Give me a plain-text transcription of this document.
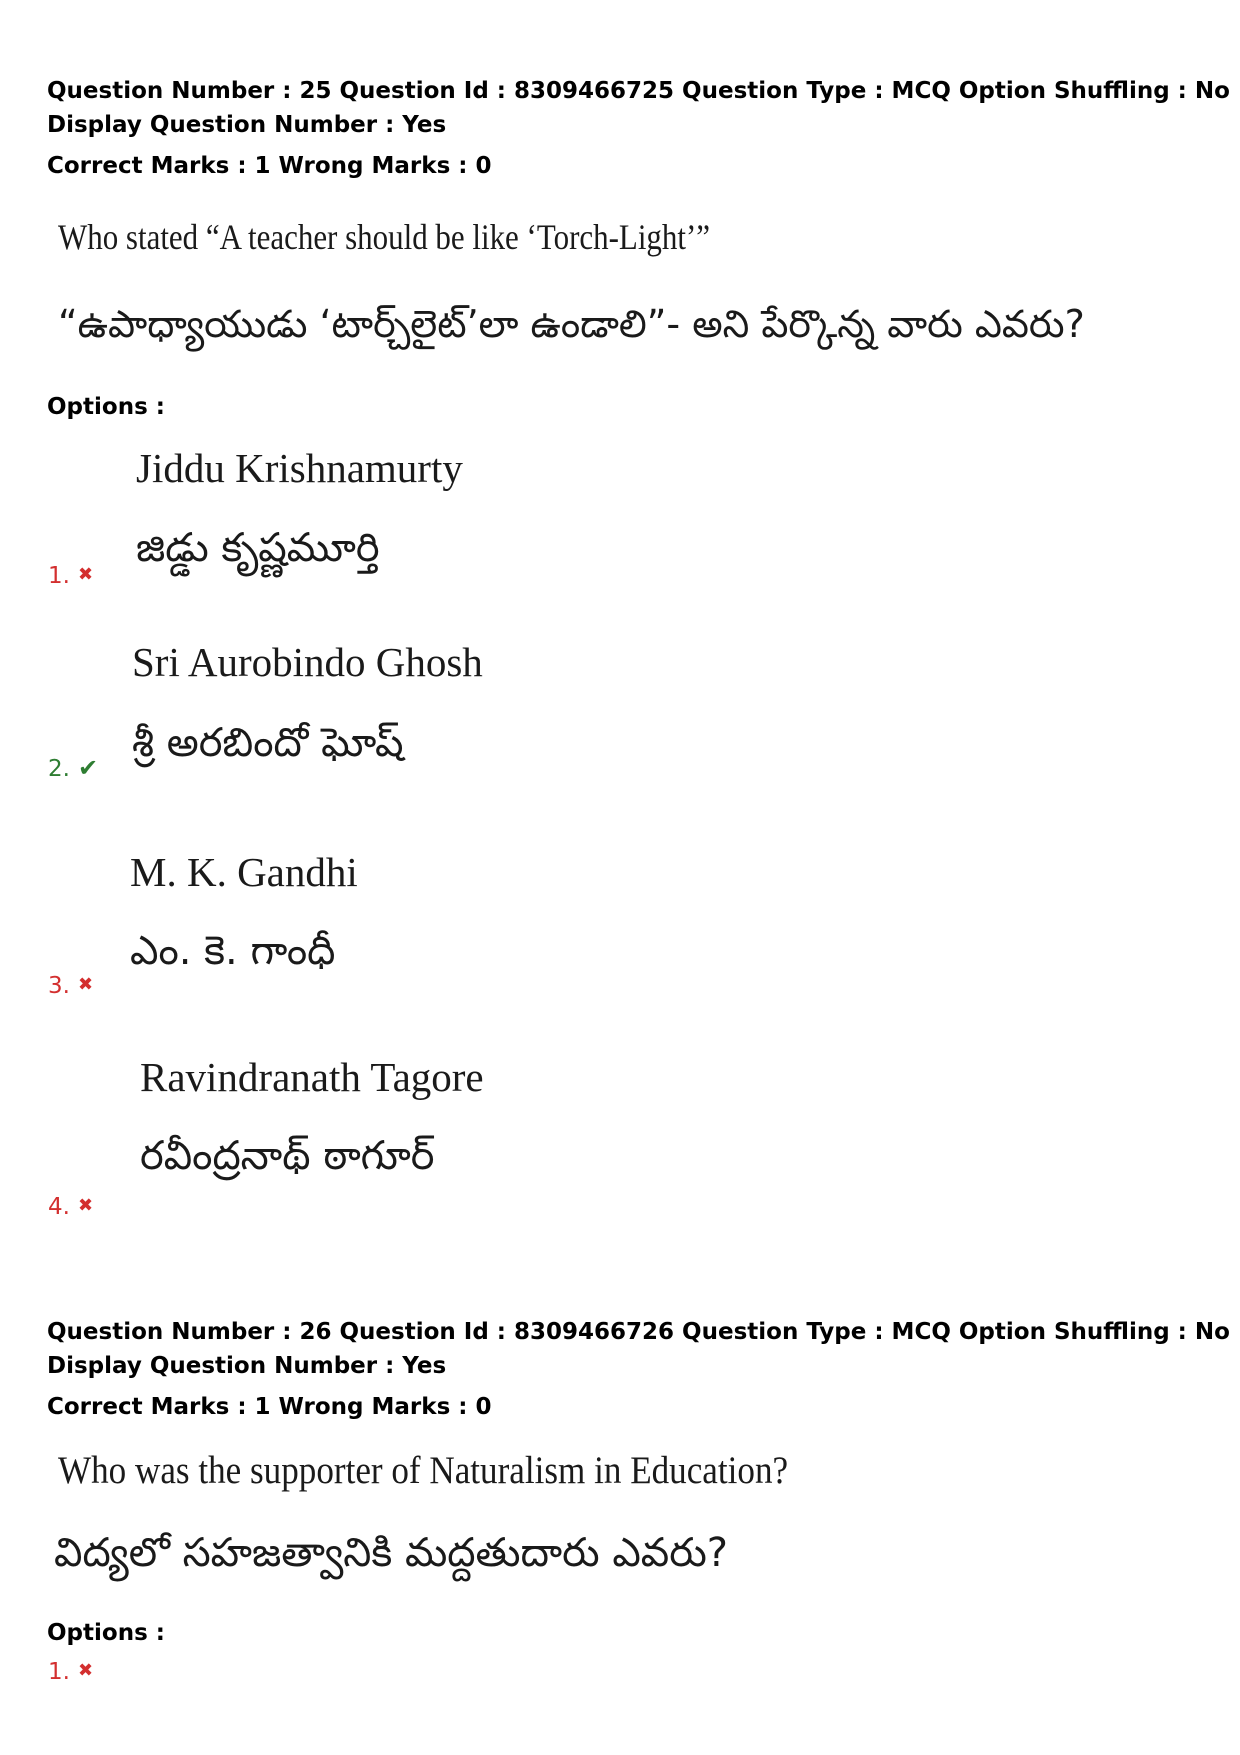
Question Number : 25 Question Id : 8309466725 Question Type : MCQ Option Shuffling : No
Display Question Number : Yes
Correct Marks : 1 Wrong Marks : 0
Who stated “A teacher should be like ‘Torch-Light’”
“ఉపాధ్యాయుడు ‘టార్చ్‌లైట్’లా ఉండాలి”- అని పేర్కొన్న వారు ఎవరు?
Options :
Jiddu Krishnamurty
జిడ్డు కృష్ణమూర్తి
1. ✖
Sri Aurobindo Ghosh
శ్రీ అరబిందో ఘోష్
2. ✔
M. K. Gandhi
ఎం. కె. గాంధీ
3. ✖
Ravindranath Tagore
రవీంద్రనాథ్ ఠాగూర్
4. ✖
Question Number : 26 Question Id : 8309466726 Question Type : MCQ Option Shuffling : No
Display Question Number : Yes
Correct Marks : 1 Wrong Marks : 0
Who was the supporter of Naturalism in Education?
విద్యలో సహజత్వానికి మద్దతుదారు ఎవరు?
Options :
1. ✖
